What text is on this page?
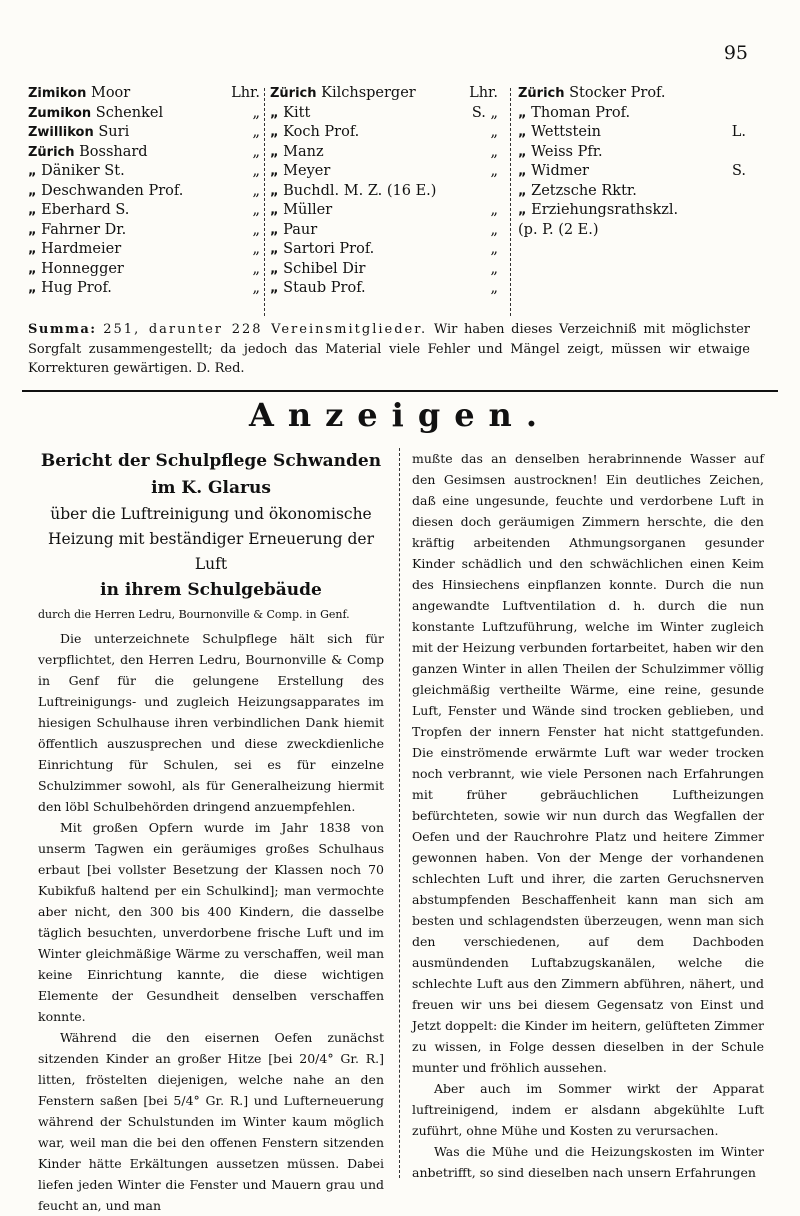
95
Zimikon Moor	Lhr.
Zumikon Schenkel	„
Zwillikon Suri	„
Zürich Bosshard	„
„ Däniker St.	„
„ Deschwanden Prof.	„
„ Eberhard S.	„
„ Fahrner Dr.	„
„ Hardmeier	„
„ Honnegger	„
„ Hug Prof.	„
Zürich Kilchsperger	Lhr.
„ Kitt	S. „
„ Koch Prof.	„
„ Manz	„
„ Meyer	„
„ Buchdl. M. Z. (16 E.)
„ Müller	„
„ Paur	„
„ Sartori Prof.	„
„ Schibel Dir	„
„ Staub Prof.	„
Zürich Stocker Prof.
„ Thoman Prof.
„ Wettstein	L.
„ Weiss Pfr.
„ Widmer	S.
„ Zetzsche Rktr.
„ Erziehungsrathskzl.
(p. P. (2 E.)
Summa: 251, darunter 228 Vereinsmitglieder. Wir haben dieses Verzeichniß mit möglichster Sorgfalt zusammengestellt; da jedoch das Material viele Fehler und Mängel zeigt, müssen wir etwaige Korrekturen gewärtigen. D. Red.
Anzeigen.
Bericht der Schulpflege Schwanden
im K. Glarus
über die Luftreinigung und ökonomische Heizung mit beständiger Erneuerung der Luft
in ihrem Schulgebäude
durch die Herren Ledru, Bournonville & Comp. in Genf.

Die unterzeichnete Schulpflege hält sich für verpflichtet, den Herren Ledru, Bournonville & Comp in Genf für die gelungene Erstellung des Luftreinigungs- und zugleich Heizungsapparates im hiesigen Schulhause ihren verbindlichen Dank hiemit öffentlich auszusprechen und diese zweckdienliche Einrichtung für Schulen, sei es für einzelne Schulzimmer sowohl, als für Generalheizung hiermit den löbl Schulbehörden dringend anzuempfehlen.

Mit großen Opfern wurde im Jahr 1838 von unserm Tagwen ein geräumiges großes Schulhaus erbaut [bei vollster Besetzung der Klassen noch 70 Kubikfuß haltend per ein Schulkind]; man vermochte aber nicht, den 300 bis 400 Kindern, die dasselbe täglich besuchten, unverdorbene frische Luft und im Winter gleichmäßige Wärme zu verschaffen, weil man keine Einrichtung kannte, die diese wichtigen Elemente der Gesundheit denselben verschaffen konnte.

Während die den eisernen Oefen zunächst sitzenden Kinder an großer Hitze [bei 20/4° Gr. R.] litten, fröstelten diejenigen, welche nahe an den Fenstern saßen [bei 5/4° Gr. R.] und Lufterneuerung während der Schulstunden im Winter kaum möglich war, weil man die bei den offenen Fenstern sitzenden Kinder hätte Erkältungen aussetzen müssen. Dabei liefen jeden Winter die Fenster und Mauern grau und feucht an, und man

mußte das an denselben herabrinnende Wasser auf den Gesimsen austrocknen! Ein deutliches Zeichen, daß eine ungesunde, feuchte und verdorbene Luft in diesen doch geräumigen Zimmern herschte, die den kräftig arbeitenden Athmungsorganen gesunder Kinder schädlich und den schwächlichen einen Keim des Hinsiechens einpflanzen konnte. Durch die nun angewandte Luftventilation d. h. durch die nun konstante Luftzuführung, welche im Winter zugleich mit der Heizung verbunden fortarbeitet, haben wir den ganzen Winter in allen Theilen der Schulzimmer völlig gleichmäßig vertheilte Wärme, eine reine, gesunde Luft, Fenster und Wände sind trocken geblieben, und Tropfen der innern Fenster hat nicht stattgefunden. Die einströmende erwärmte Luft war weder trocken noch verbrannt, wie viele Personen nach Erfahrungen mit früher gebräuchlichen Luftheizungen befürchteten, sowie wir nun durch das Wegfallen der Oefen und der Rauchrohre Platz und heitere Zimmer gewonnen haben. Von der Menge der vorhandenen schlechten Luft und ihrer, die zarten Geruchsnerven abstumpfenden Beschaffenheit kann man sich am besten und schlagendsten überzeugen, wenn man sich den verschiedenen, auf dem Dachboden ausmündenden Luftabzugskanälen, welche die schlechte Luft aus den Zimmern abführen, nähert, und freuen wir uns bei diesem Gegensatz von Einst und Jetzt doppelt: die Kinder im heitern, gelüfteten Zimmer zu wissen, in Folge dessen dieselben in der Schule munter und fröhlich aussehen.

Aber auch im Sommer wirkt der Apparat luftreinigend, indem er alsdann abgekühlte Luft zuführt, ohne Mühe und Kosten zu verursachen.

Was die Mühe und die Heizungskosten im Winter anbetrifft, so sind dieselben nach unsern Erfahrungen
